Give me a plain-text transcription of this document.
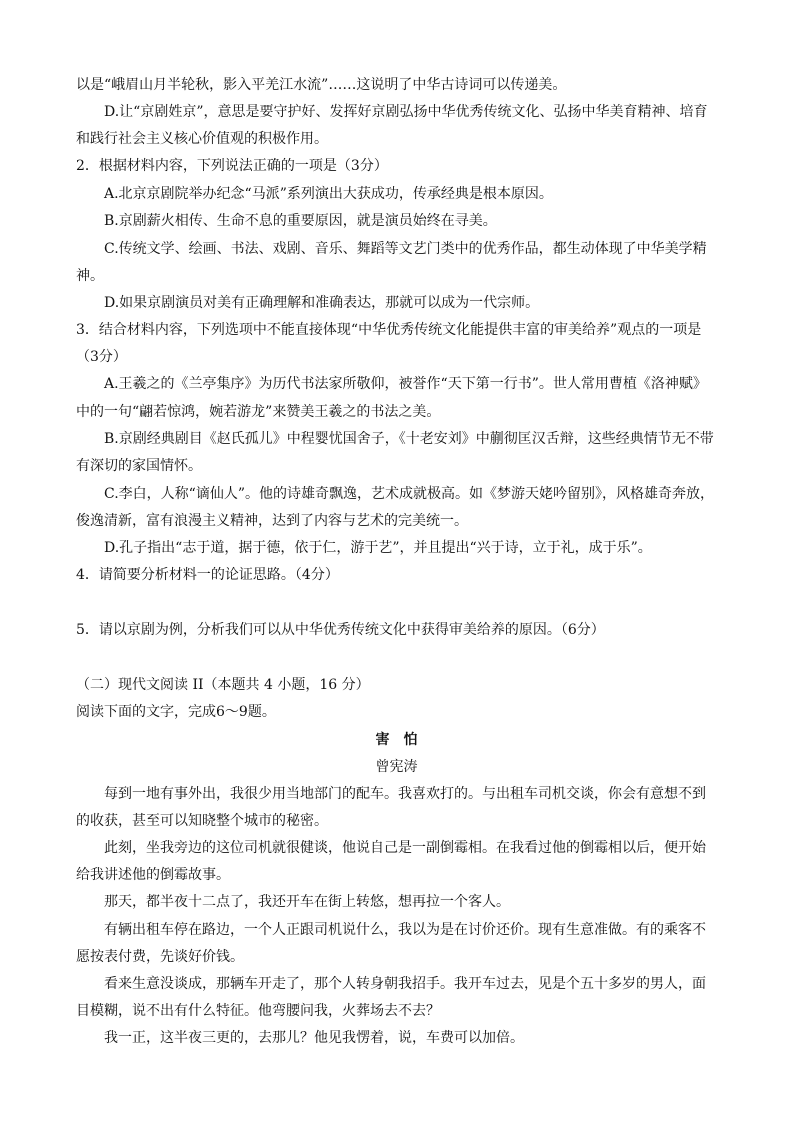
以是“峨眉山月半轮秋，影入平羌江水流”……这说明了中华古诗词可以传递美。
D.让“京剧姓京”，意思是要守护好、发挥好京剧弘扬中华优秀传统文化、弘扬中华美育精神、培育
和践行社会主义核心价值观的积极作用。
2．根据材料内容，下列说法正确的一项是（3分）
A.北京京剧院举办纪念“马派”系列演出大获成功，传承经典是根本原因。
B.京剧薪火相传、生命不息的重要原因，就是演员始终在寻美。
C.传统文学、绘画、书法、戏剧、音乐、舞蹈等文艺门类中的优秀作品，都生动体现了中华美学精
神。
D.如果京剧演员对美有正确理解和准确表达，那就可以成为一代宗师。
3．结合材料内容，下列选项中不能直接体现“中华优秀传统文化能提供丰富的审美给养”观点的一项是
（3分）
A.王羲之的《兰亭集序》为历代书法家所敬仰，被誉作“天下第一行书”。世人常用曹植《洛神赋》
中的一句“翩若惊鸿，婉若游龙”来赞美王羲之的书法之美。
B.京剧经典剧目《赵氏孤儿》中程婴忧国舍子，《十老安刘》中蒯彻匡汉舌辩，这些经典情节无不带
有深切的家国情怀。
C.李白，人称“谪仙人”。他的诗雄奇飘逸，艺术成就极高。如《梦游天姥吟留别》，风格雄奇奔放，
俊逸清新，富有浪漫主义精神，达到了内容与艺术的完美统一。
D.孔子指出“志于道，据于德，依于仁，游于艺”，并且提出“兴于诗，立于礼，成于乐”。
4．请简要分析材料一的论证思路。（4分）
5．请以京剧为例，分析我们可以从中华优秀传统文化中获得审美给养的原因。（6分）
（二）现代文阅读 II（本题共 4 小题，16 分）
阅读下面的文字，完成6～9题。
害　怕
曾宪涛
每到一地有事外出，我很少用当地部门的配车。我喜欢打的。与出租车司机交谈，你会有意想不到
的收获，甚至可以知晓整个城市的秘密。
此刻，坐我旁边的这位司机就很健谈，他说自己是一副倒霉相。在我看过他的倒霉相以后，便开始
给我讲述他的倒霉故事。
那天，都半夜十二点了，我还开车在街上转悠，想再拉一个客人。
有辆出租车停在路边，一个人正跟司机说什么，我以为是在讨价还价。现有生意准做。有的乘客不
愿按表付费，先谈好价钱。
看来生意没谈成，那辆车开走了，那个人转身朝我招手。我开车过去，见是个五十多岁的男人，面
目模糊，说不出有什么特征。他弯腰问我，火葬场去不去？
我一正，这半夜三更的，去那儿？他见我愣着，说，车费可以加倍。
